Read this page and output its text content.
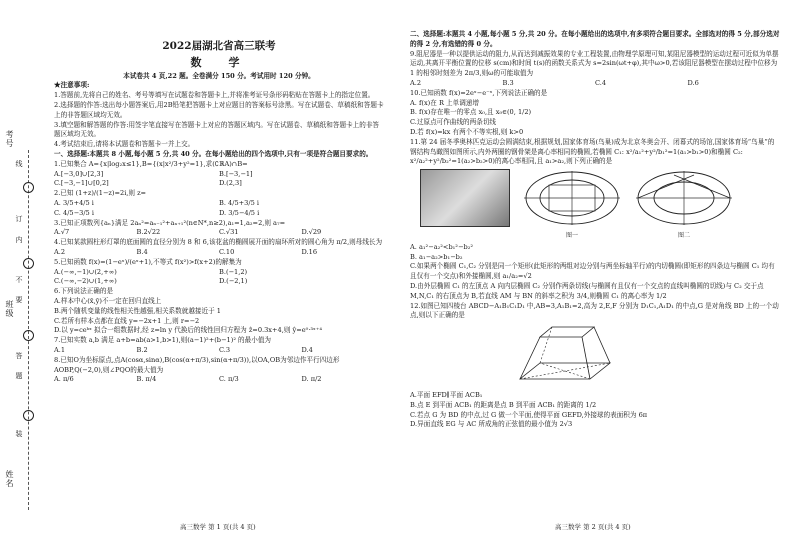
姓名
班级
考号
线
订
内
不
要
答
题
装
2022届湖北省高三联考
数　学
本试卷共 4 页,22 题。全卷满分 150 分。考试用时 120 分钟。
★注意事项:

1.答题前,先将自己的姓名、考号等填写在试题卷和答题卡上,并将准考证号条形码粘贴在答题卡上的指定位置。

2.选择题的作答:选出每小题答案后,用2B铅笔把答题卡上对应题目的答案标号涂黑。写在试题卷、草稿纸和答题卡上的非答题区域均无效。

3.填空题和解答题的作答:用签字笔直接写在答题卡上对应的答题区域内。写在试题卷、草稿纸和答题卡上的非答题区域均无效。

4.考试结束后,请将本试题卷和答题卡一并上交。

一、选择题:本题共 8 小题,每小题 5 分,共 40 分。在每小题给出的四个选项中,只有一项是符合题目要求的。

1.已知集合 A={x|log₂x≤1},B={(x|x²/3+y²=1},求(∁ℝA)∩B=

A.[−3,0]∪[2,3]	B.[−3,−1]
C.[−3,−1]∪[0,2]	D.(2,3]

2.已知 (1+z)/(1−z)=2i,则 z=

A. 3/5+4/5 i	B. 4/5+3/5 i
C. 4/5−3/5 i	D. 3/5−4/5 i

3.已知正项数列{aₙ}满足 2aₙ²=aₙ₋₁²+aₙ₊₁²(n∈N*,n≥2),a₁=1,a₂=2,则 a₇=

A.√7	B.2√22	C.√31	D.√29

4.已知某款圆柱形灯罩的底面圆的直径分别为 8 和 6,该花盆的椭圆展开面的扇环所对的圆心角为 π/2,则母线长为

A.2	B.4	C.10	D.16

5.已知函数 f(x)=(1−eˣ)/(eˣ+1),不等式 f(x²)>f(x+2)的解集为

A.(−∞,−1)∪(2,+∞)	B.(−1,2)
C.(−∞,−2)∪(1,+∞)	D.(−2,1)

6.下列说法正确的是

A.样本中心(x̄,ȳ)不一定在回归直线上

B.两个随机变量的线性相关性越强,相关系数就越接近于 1

C.若所有样本点都在直线 y=−2x+1 上,则 r=−2

D.以 y=ceᵏˣ 拟合一组数据时,经 z=ln y 代换后的线性回归方程为 ẑ=0.3x+4,则 ŷ=e⁰·³ˣ⁺⁴

7.已知实数 a,b 满足 a+b=ab(a>1,b>1),则(a−1)²+(b−1)² 的最小值为

A.1	B.2	C.3	D.4

8.已知O为坐标原点,点A(cosα,sinα),B(cos(α+π/3),sin(α+π/3)),以OA,OB为邻边作平行四边形AOBP,Q(−2,0),则∠PQO的最大值为

A. π/6	B. π/4	C. π/3	D. π/2
高三数学 第 1 页(共 4 页)

二、选择题:本题共 4 小题,每小题 5 分,共 20 分。在每小题给出的选项中,有多项符合题目要求。全部选对的得 5 分,部分选对的得 2 分,有选错的得 0 分。

9.阻尼器是一种以提供运动的阻力,从而达到减振效果的专业工程装置,由物理学原理可知,某阻尼器模型的运动过程可近似为单摆运动,其离开平衡位置的位移 s(cm)和时间 t(s)的函数关系式为 s=2sin(ωt+φ),其中ω>0,若该阻尼器模型在摆动过程中位移为 1 的相邻时刻差为 2π/3,则ω的可能取值为

A.2	B.3	C.4	D.6

10.已知函数 f(x)=2eˣ−e⁻ˣ,下列说法正确的是

A. f(x)在 R 上单调递增

B. f(x)存在唯一的零点 x₀,且 x₀∈(0, 1/2)

C.过原点可作曲线的两条切线

D.若 f(x)=kx 有两个不等实根,则 k>0

11.第 24 届冬季奥林匹克运动会圆满结束,根据规划,国家体育场(鸟巢)成为北京冬奥会开、闭幕式的场馆,国家体育场“鸟巢”的钢结构鸟瞰图如图所示,内外两圈的钢骨架是离心率相同的椭圆,若椭圆 C₁: x²/a₁²+y²/b₁²=1(a₁>b₁>0)和椭圆 C₂: x²/a₂²+y²/b₂²=1(a₂>b₂>0)的离心率相同,且 a₁>a₂,则下列正确的是

图一	图二

A. a₁²−a₂²<b₁²−b₂²

B. a₁−a₂>b₁−b₂

C.如果两个椭圆 C₁,C₂ 分别是同一个矩形(此矩形的两组对边分别与两坐标轴平行)的内切椭圆(即矩形的四条边与椭圆 C₁ 均有且仅有一个交点)和外接椭圆,则 a₁/a₂=√2

D.由外层椭圆 C₁ 的左顶点 A 向内层椭圆 C₂ 分别作两条切线(与椭圆有且仅有一个交点的直线叫椭圆的切线)与 C₂ 交于点 M,N,C₁ 的右顶点为 B,若直线 AM 与 BN 的斜率之积为 3/4,则椭圆 C₁ 的离心率为 1/2

12.如图已知四棱台 ABCD−A₁B₁C₁D₁ 中,AB=3,A₁B₁=2,高为 2,E,F 分别为 D₁C₁,A₁D₁ 的中点,G 是对角线 BD 上的一个动点,则以下正确的是

A.平面 EFD∥平面 ACB₁

B.点 E 到平面 ACB₁ 的距离是点 B 到平面 ACB₁ 的距离的 1/2

C.若点 G 为 BD 的中点,过 G 做一个平面,使得平面 GEFD,外接球的表面积为 6π

D.异面直线 EG 与 AC 所成角的正弦值的最小值为 2√3

高三数学 第 2 页(共 4 页)
